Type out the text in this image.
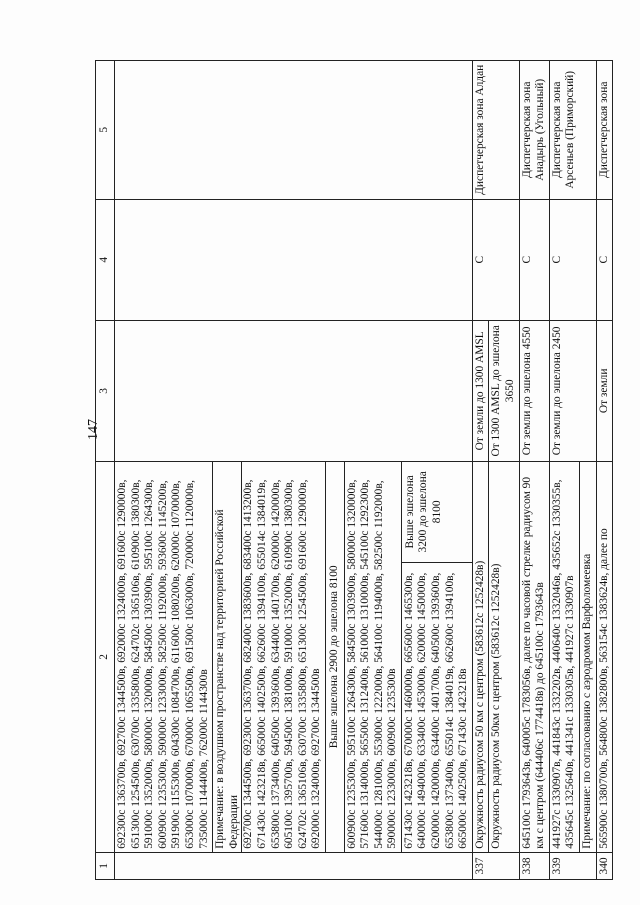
147
1	2	3	4	5
	692300с 1363700в, 692700с 1344500в, 692000с 1324000в, 691600с 1290000в, 651300с 1254500в, 630700с 1335800в, 624702с 1365106в, 610900с 1380300в, 591000с 1352000в, 580000с 1320000в, 584500с 1303900в, 595100с 1264300в, 600900с 1235300в, 590000с 1233000в, 582500с 1192000в, 593600с 1145200в, 591900с 1155300в, 604300с 1084700в, 611600с 1080200в, 620000с 1070000в, 653000с 1070000в, 670000с 1065500в, 691500с 1063000в, 720000с 1120000в, 735000с 1144400в, 762000с 1144300в			
	Примечание: в воздушном пространстве над территорией Российской Федерации 692700с 1344500в, 692300с 1363700в, 682400с 1383600в, 683400с 1413200в, 671430с 1423218в, 665000с 1402500в, 662600с 1394100в, 655014с 1384019в, 653800с 1373400в, 640500с 1393600в, 634400с 1401700в, 620000с 1420000в, 605100с 1395700в, 594500с 1381000в, 591000с 1352000в, 610900с 1380300в, 624702с 1365106в, 630700с 1335800в, 651300с 1254500в, 691600с 1290000в, 692000с 1324000в, 692700с 1344500в			

	Выше эшелона 2900 до эшелона 8100			

	600900с 1235300в, 595100с 1264300в, 584500с 1303900в, 580000с 1320000в, 571600с 1314000в, 565500с 1312400в, 561000с 1310000в, 545100с 1292300в, 544000с 1281000в, 553000с 1222000в, 564100с 1194000в, 582500с 1192000в, 590000с 1233000в, 600900с 1235300в			

	671430с 1423218в, 670000с 1460000в, 665600с 1465300в, 640000с 1494000в, 633400с 1453000в, 620000с 1450000в, 620000с 1420000в, 634400с 1401700в, 640500с 1393600в, 653800с 1373400в, 655014с 1384019в, 662600с 1394100в, 665000с 1402500в, 671430с 1423218в
Выше эшелона 3200 до эшелона 8100			

337	Окружность радиусом 50 км с центром (583612с 1252428в)	От земли до 1300 AMSL	C	Диспетчерская зона Алдан
	Окружность радиусом 50км с центром (583612с 1252428в)	От 1300 AMSL до эшелона 3650		
338	645100с 1793643в, 640005с 1783056в, далее по часовой стрелке радиусом 90 км с центром (644406с 1774418в) до 645100с 1793643в	От земли до эшелона 4550	C	Диспетчерская зона Анадырь (Угольный)
339	441927с 1330907в, 441843с 1332202в, 440640с 1332046в, 435652с 1330355в, 435645с 1325640в, 441341с 1330305в, 441927с 1330907в	От земли до эшелона 2450	C	Диспетчерская зона Арсеньев (Приморский)
	Примечание: по согласованию с аэродромом Варфоломеевка			
340	565900с 1380700в, 564800с 1382800в, 563154с 1383624в, далее по	От земли	C	Диспетчерская зона
